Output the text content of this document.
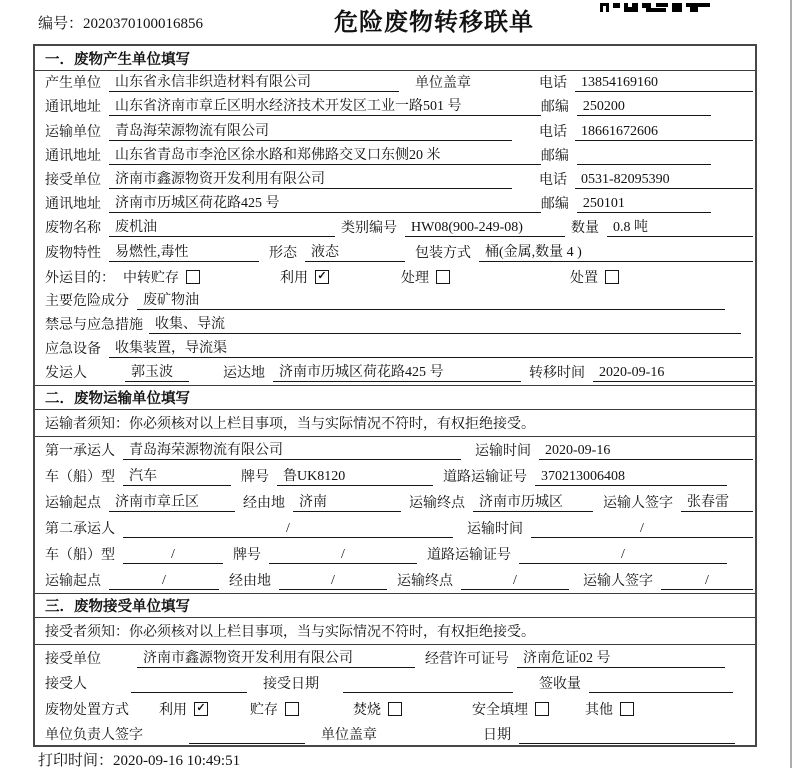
编号：2020370100016856	危险废物转移联单
一．废物产生单位填写
产生单位	山东省永信非织造材料有限公司	单位盖章	电话	13854169160
通讯地址	山东省济南市章丘区明水经济技术开发区工业一路501 号	邮编	250200
运输单位	青岛海荣源物流有限公司	电话	18661672606
通讯地址	山东省青岛市李沧区徐水路和郑佛路交叉口东侧20 米	邮编
接受单位	济南市鑫源物资开发利用有限公司	电话	0531-82095390
通讯地址	济南市历城区荷花路425 号	邮编	250101
废物名称	废机油	类别编号	HW08(900-249-08)	数量	0.8 吨
废物特性	易燃性,毒性	形态	液态	包装方式	桶(金属,数量 4 )
外运目的： 中转贮存	利用 ✓	处理	处置
主要危险成分	废矿物油
禁忌与应急措施 收集、导流
应急设备	收集装置，导流渠
发运人	郭玉波	运达地	济南市历城区荷花路425 号	转移时间	2020-09-16
二．废物运输单位填写
运输者须知：你必须核对以上栏目事项，当与实际情况不符时，有权拒绝接受。
第一承运人	青岛海荣源物流有限公司	运输时间	2020-09-16
车（船）型	汽车	牌号	鲁UK8120	道路运输证号	370213006408
运输起点	济南市章丘区	经由地	济南	运输终点	济南市历城区	运输人签字	张春雷
第二承运人	/	运输时间	/
车（船）型	/	牌号	/	道路运输证号	/
运输起点	/	经由地	/	运输终点	/	运输人签字	/
三．废物接受单位填写
接受者须知：你必须核对以上栏目事项，当与实际情况不符时，有权拒绝接受。
接受单位	济南市鑫源物资开发利用有限公司	经营许可证号	济南危证02 号
接受人	接受日期	签收量
废物处置方式 利用 ✓	贮存	焚烧	安全填埋	其他
单位负责人签字	单位盖章	日期
打印时间：2020-09-16 10:49:51
